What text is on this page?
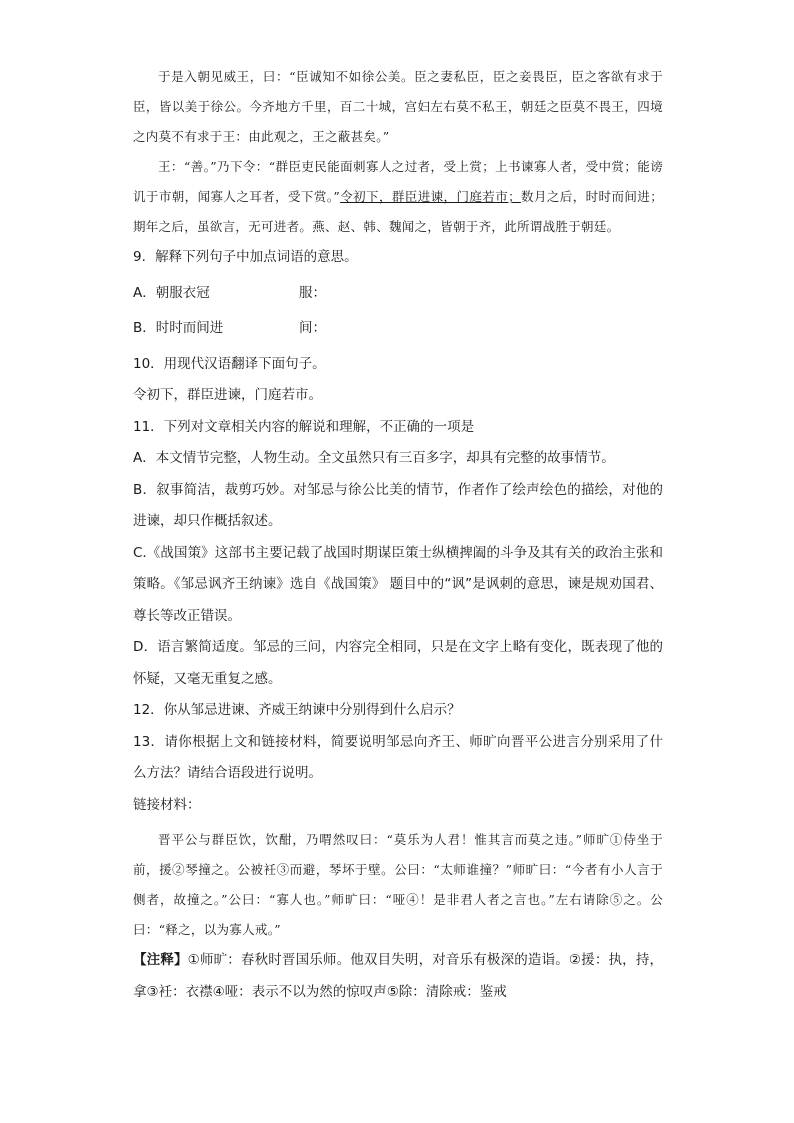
于是入朝见威王，曰：“臣诚知不如徐公美。臣之妻私臣，臣之妾畏臣，臣之客欲有求于臣，皆以美于徐公。今齐地方千里，百二十城，宫妇左右莫不私王，朝廷之臣莫不畏王，四境之内莫不有求于王：由此观之，王之蔽甚矣。”

王：“善。”乃下令：“群臣吏民能面刺寡人之过者，受上赏；上书谏寡人者，受中赏；能谤讥于市朝，闻寡人之耳者，受下赏。”令初下，群臣进谏，门庭若市；数月之后，时时而间进；期年之后，虽欲言，无可进者。燕、赵、韩、魏闻之，皆朝于齐，此所谓战胜于朝廷。

9．解释下列句子中加点词语的意思。

A．朝服衣冠	服：
B．时时而间进	间：

10．用现代汉语翻译下面句子。

令初下，群臣进谏，门庭若市。

11．下列对文章相关内容的解说和理解，不正确的一项是

A．本文情节完整，人物生动。全文虽然只有三百多字，却具有完整的故事情节。

B．叙事简洁，裁剪巧妙。对邹忌与徐公比美的情节，作者作了绘声绘色的描绘，对他的进谏，却只作概括叙述。

C.《战国策》这部书主要记载了战国时期谋臣策士纵横捭阖的斗争及其有关的政治主张和策略。《邹忌讽齐王纳谏》选自《战国策》 题目中的“讽”是讽刺的意思，谏是规劝国君、尊长等改正错误。

D．语言繁简适度。邹忌的三问，内容完全相同，只是在文字上略有变化，既表现了他的怀疑，又毫无重复之感。

12．你从邹忌进谏、齐威王纳谏中分别得到什么启示？

13．请你根据上文和链接材料，简要说明邹忌向齐王、师旷向晋平公进言分别采用了什么方法？请结合语段进行说明。

链接材料：

晋平公与群臣饮，饮酣，乃喟然叹曰：“莫乐为人君！惟其言而莫之违。”师旷①侍坐于前，援②琴撞之。公被衽③而避，琴坏于壁。公曰：“太师谁撞？”师旷曰：“今者有小人言于侧者，故撞之。”公曰：“寡人也。”师旷曰：“哑④！是非君人者之言也。”左右请除⑤之。公曰：“释之，以为寡人戒。”

【注释】①师旷：春秋时晋国乐师。他双目失明，对音乐有极深的造诣。②援：执，持，拿③衽：衣襟④哑：表示不以为然的惊叹声⑤除：清除戒：鉴戒
